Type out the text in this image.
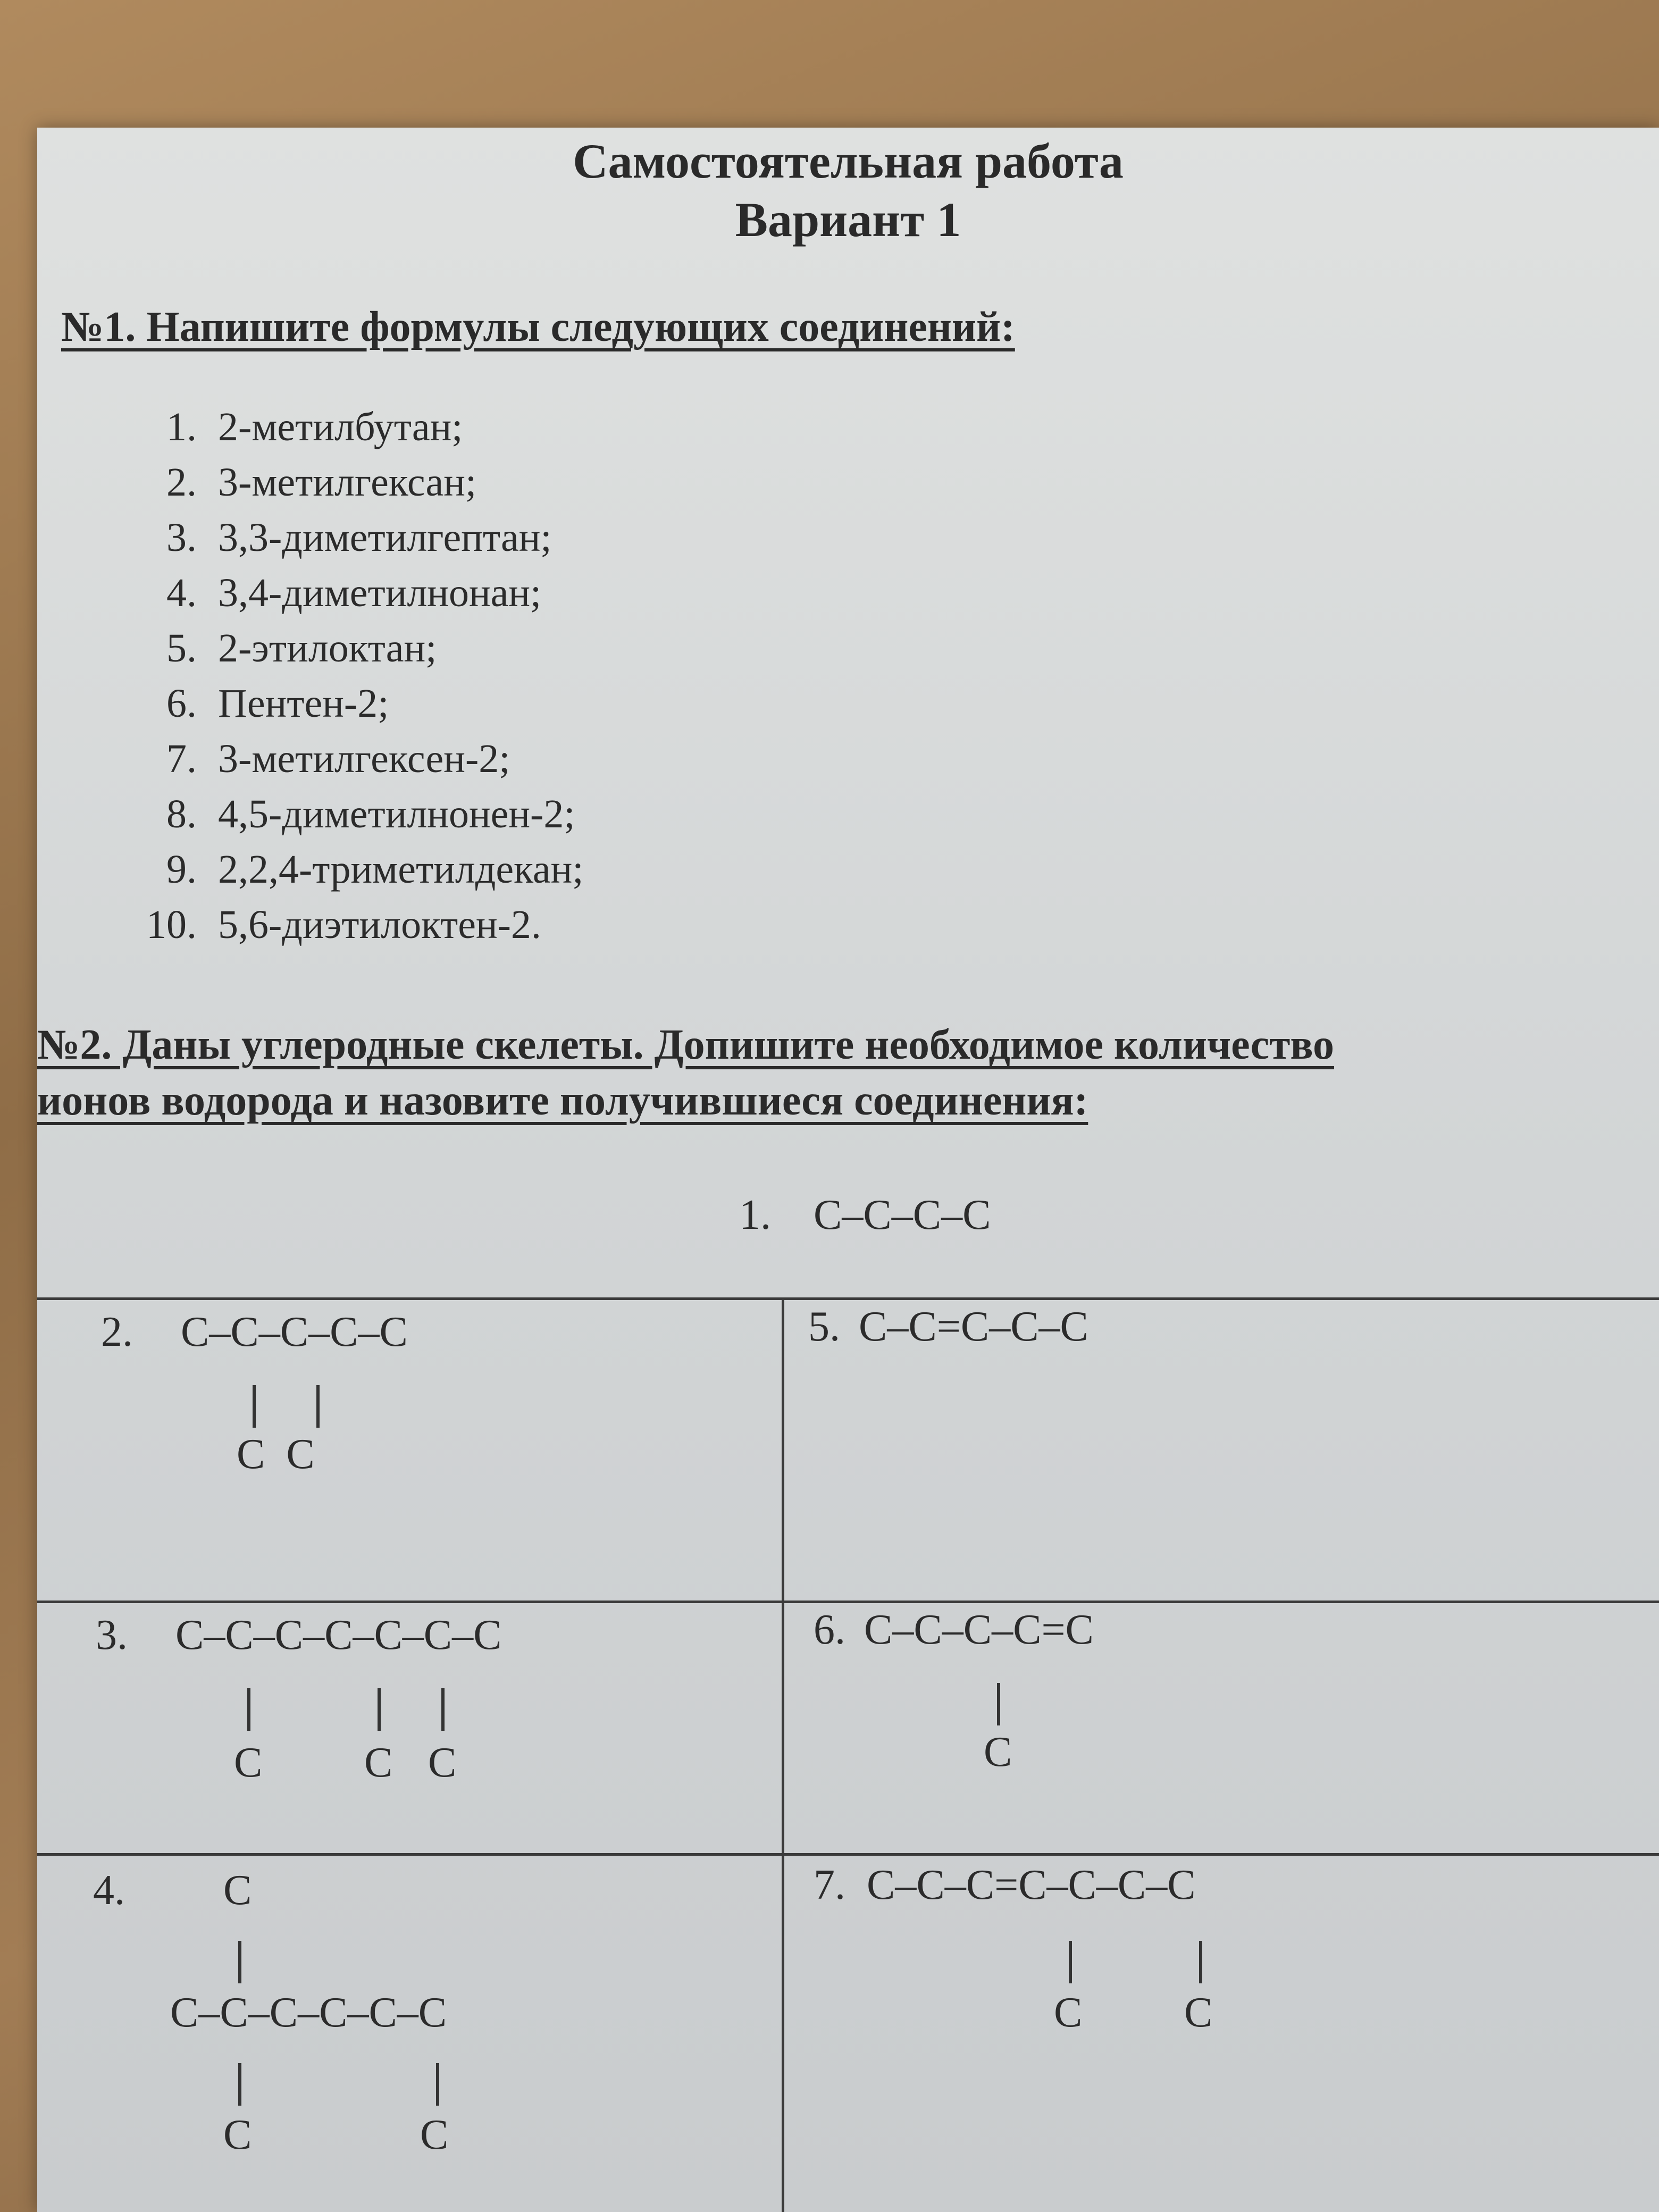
Самостоятельная работа
Вариант 1
№1. Напишите формулы следующих соединений:
1. 2-метилбутан;
2. 3-метилгексан;
3. 3,3-диметилгептан;
4. 3,4-диметилнонан;
5. 2-этилоктан;
6. Пентен-2;
7. 3-метилгексен-2;
8. 4,5-диметилнонен-2;
9. 2,2,4-триметилдекан;
10. 5,6-диэтилоктен-2.
№2. Даны углеродные скелеты. Допишите необходимое количество
ионов водорода и назовите получившиеся соединения:
1. C–C–C–C
2. C–C–C–C–C
C  C
5. C–C=C–C–C
3. C–C–C–C–C–C–C
C C C
6. C–C–C–C=C
C
4. C
C–C–C–C–C–C
C	C
7. C–C–C=C–C–C–C
C C
